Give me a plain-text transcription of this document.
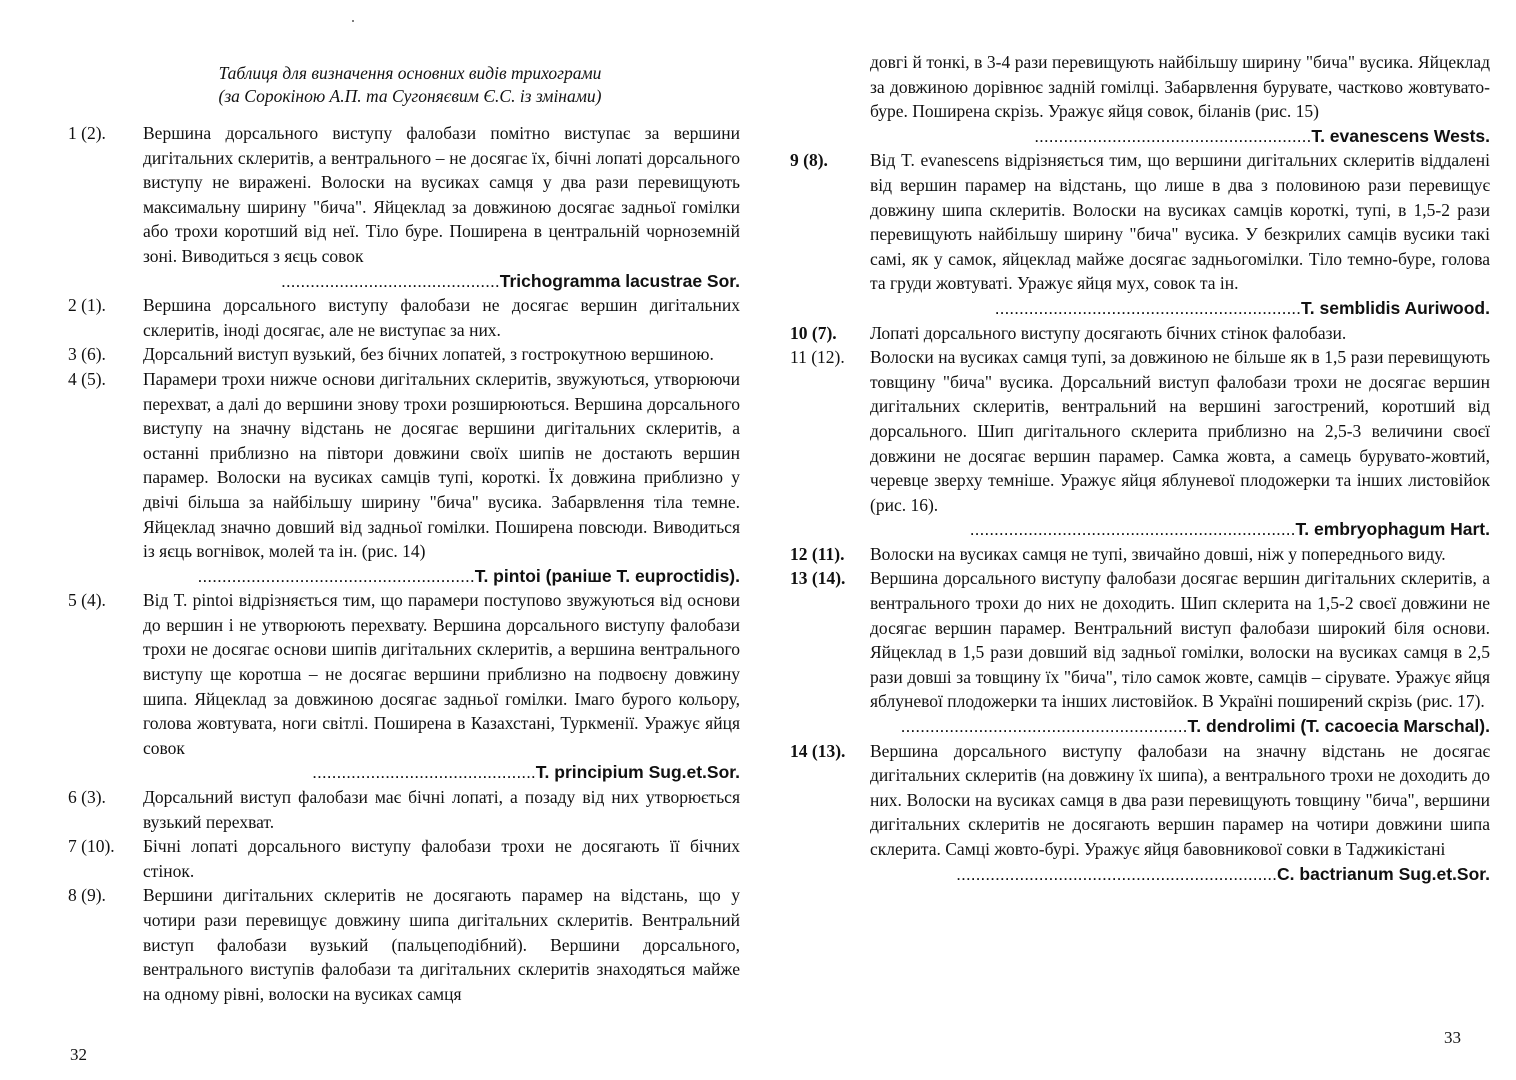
Таблиця для визначення основних видів трихограми
(за Сорокіною А.П. та Сугоняєвим Є.С. із змінами)
1 (2). Вершина дорсального виступу фалобази помітно виступає за вершини дигітальних склеритів, а вентрального – не досягає їх, бічні лопаті дорсального виступу не виражені. Волоски на вусиках самця у два рази перевищують максимальну ширину "бича". Яйцеклад за довжиною досягає задньої гомілки або трохи коротший від неї. Тіло буре. Поширена в центральній чорноземній зоні. Виводиться з яєць совок
.............................................Trichogramma lacustrae Sor.
2 (1). Вершина дорсального виступу фалобази не досягає вершин дигітальних склеритів, іноді досягає, але не виступає за них.
3 (6). Дорсальний виступ вузький, без бічних лопатей, з гострокутною вершиною.
4 (5). Парамери трохи нижче основи дигітальних склеритів, звужуються, утворюючи перехват, а далі до вершини знову трохи розширюються. Вершина дорсального виступу на значну відстань не досягає вершини дигітальних склеритів, а останні приблизно на півтори довжини своїх шипів не достають вершин парамер. Волоски на вусиках самців тупі, короткі. Їх довжина приблизно у двічі більша за найбільшу ширину "бича" вусика. Забарвлення тіла темне. Яйцеклад значно довший від задньої гомілки. Поширена повсюди. Виводиться із яєць вогнівок, молей та ін. (рис. 14)
.........................................................T. pintoi (раніше T. euproctidis).
5 (4). Від T. pintoi відрізняється тим, що парамери поступово звужуються від основи до вершин і не утворюють перехвату. Вершина дорсального виступу фалобази трохи не досягає основи шипів дигітальних склеритів, а вершина вентрального виступу ще коротша – не досягає вершини приблизно на подвоєну довжину шипа. Яйцеклад за довжиною досягає задньої гомілки. Імаго бурого кольору, голова жовтувата, ноги світлі. Поширена в Казахстані, Туркменії. Уражує яйця совок
..............................................T. principium Sug.et.Sor.
6 (3). Дорсальний виступ фалобази має бічні лопаті, а позаду від них утворюється вузький перехват.
7 (10). Бічні лопаті дорсального виступу фалобази трохи не досягають її бічних стінок.
8 (9). Вершини дигітальних склеритів не досягають парамер на відстань, що у чотири рази перевищує довжину шипа дигітальних склеритів. Вентральний виступ фалобази вузький (пальцеподібний). Вершини дорсального, вентрального виступів фалобази та дигітальних склеритів знаходяться майже на одному рівні, волоски на вусиках самця
32
довгі й тонкі, в 3-4 рази перевищують найбільшу ширину "бича" вусика. Яйцеклад за довжиною дорівнює задній гомілці. Забарвлення бурувате, частково жовтувато-буре. Поширена скрізь. Уражує яйця совок, біланів (рис. 15)
.........................................................T. evanescens Wests.
9 (8). Від T. evanescens відрізняється тим, що вершини дигітальних склеритів віддалені від вершин парамер на відстань, що лише в два з половиною рази перевищує довжину шипа склеритів. Волоски на вусиках самців короткі, тупі, в 1,5-2 рази перевищують найбільшу ширину "бича" вусика. У безкрилих самців вусики такі самі, як у самок, яйцеклад майже досягає задньогомілки. Тіло темно-буре, голова та груди жовтуваті. Уражує яйця мух, совок та ін.
...............................................................T. semblidis Auriwood.
10 (7). Лопаті дорсального виступу досягають бічних стінок фалобази.
11 (12). Волоски на вусиках самця тупі, за довжиною не більше як в 1,5 рази перевищують товщину "бича" вусика. Дорсальний виступ фалобази трохи не досягає вершин дигітальних склеритів, вентральний на вершині загострений, коротший від дорсального. Шип дигітального склерита приблизно на 2,5-3 величини своєї довжини не досягає вершин парамер. Самка жовта, а самець бурувато-жовтий, черевце зверху темніше. Уражує яйця яблуневої плодожерки та інших листовійок (рис. 16).
...................................................................T. embryophagum Hart.
12 (11). Волоски на вусиках самця не тупі, звичайно довші, ніж у попереднього виду.
13 (14). Вершина дорсального виступу фалобази досягає вершин дигітальних склеритів, а вентрального трохи до них не доходить. Шип склерита на 1,5-2 своєї довжини не досягає вершин парамер. Вентральний виступ фалобази широкий біля основи. Яйцеклад в 1,5 рази довший від задньої гомілки, волоски на вусиках самця в 2,5 рази довші за товщину їх "бича", тіло самок жовте, самців – сірувате. Уражує яйця яблуневої плодожерки та інших листовійок. В Україні поширений скрізь (рис. 17).
...........................................................T. dendrolimi (T. cacoecia Marschal).
14 (13). Вершина дорсального виступу фалобази на значну відстань не досягає дигітальних склеритів (на довжину їх шипа), а вентрального трохи не доходить до них. Волоски на вусиках самця в два рази перевищують товщину "бича", вершини дигітальних склеритів не досягають вершин парамер на чотири довжини шипа склерита. Самці жовто-бурі. Уражує яйця бавовникової совки в Таджикістані
..................................................................C. bactrianum Sug.et.Sor.
33
